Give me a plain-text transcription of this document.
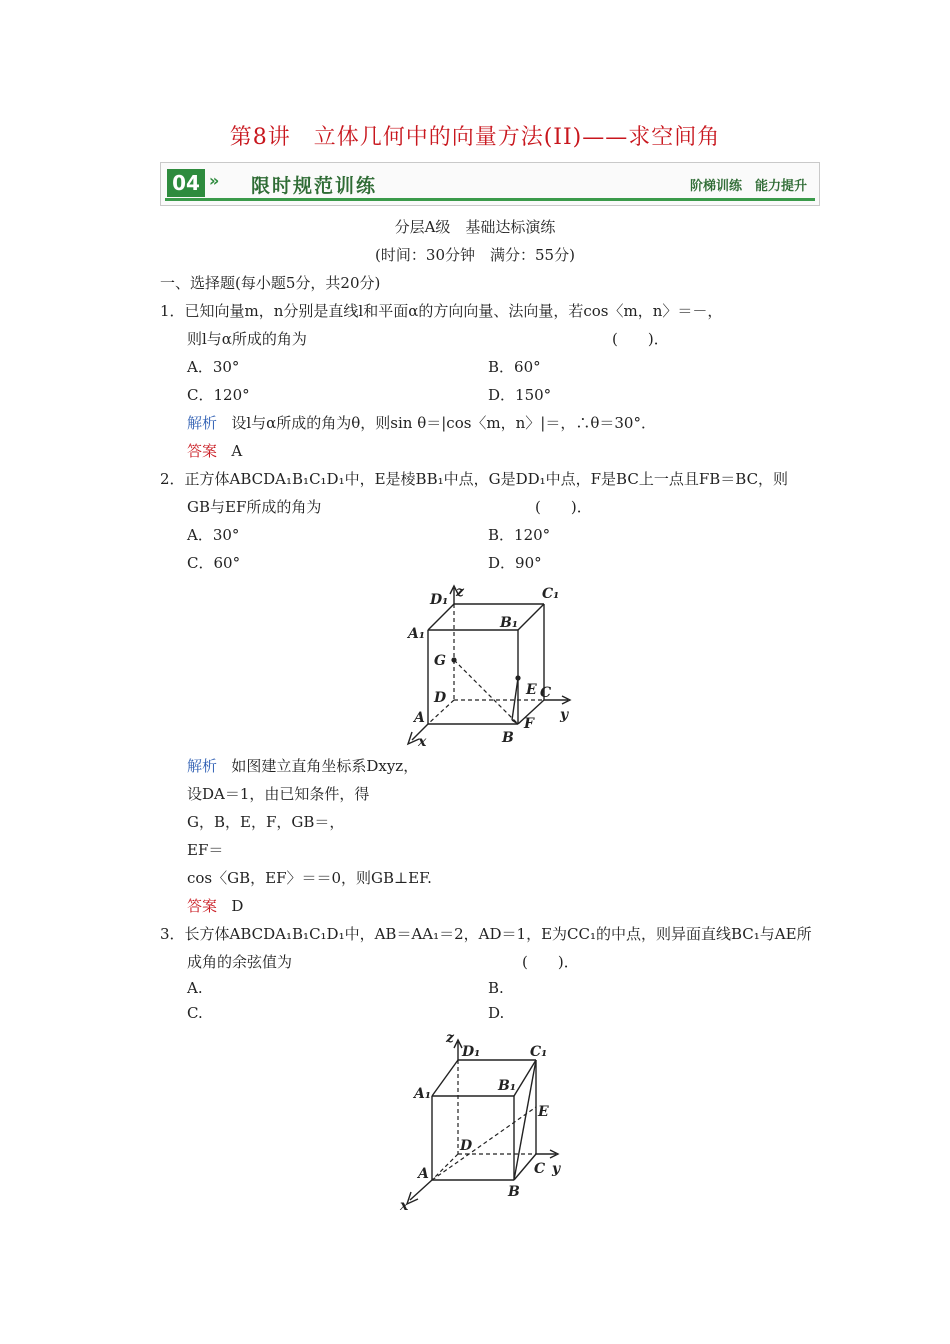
第8讲　立体几何中的向量方法(II)——求空间角
04 » 限时规范训练	阶梯训练　能力提升
分层A级　基础达标演练
(时间：30分钟　满分：55分)
一、选择题(每小题5分，共20分)
1．已知向量m，n分别是直线l和平面α的方向向量、法向量，若cos〈m，n〉＝－，
则l与α所成的角为	(　　)．
A．30°	B．60°
C．120°	D．150°
解析 设l与α所成的角为θ，则sin θ＝|cos〈m，n〉|＝，∴θ＝30°．
答案 A
2．正方体ABCDA₁B₁C₁D₁中，E是棱BB₁中点，G是DD₁中点，F是BC上一点且FB＝BC，则
GB与EF所成的角为	(　　)．
A．30°	B．120°
C．60°	D．90°
D₁ z	C₁
A₁
B₁
G
D	E C
y
A	F
B
x
解析 如图建立直角坐标系Dxyz，
设DA＝1，由已知条件，得
G，B，E，F，GB＝，
EF＝
cos〈GB，EF〉＝＝0，则GB⊥EF.
答案 D
3．长方体ABCDA₁B₁C₁D₁中，AB＝AA₁＝2，AD＝1，E为CC₁的中点，则异面直线BC₁与AE所
成角的余弦值为	(　　)．
A.	B.
C.	D.
z
D₁	C₁
A₁	B₁
E
D
A	C y
B
x
